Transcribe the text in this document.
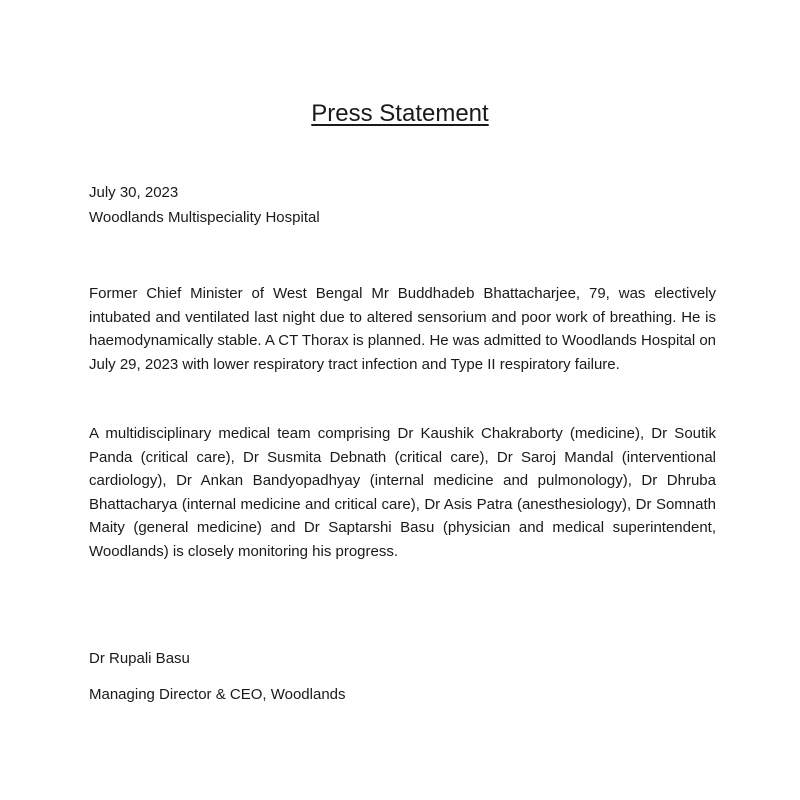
Press Statement
July 30, 2023
Woodlands Multispeciality Hospital

Former Chief Minister of West Bengal Mr Buddhadeb Bhattacharjee, 79, was electively intubated and ventilated last night due to altered sensorium and poor work of breathing. He is haemodynamically stable. A CT Thorax is planned. He was admitted to Woodlands Hospital on July 29, 2023 with lower respiratory tract infection and Type II respiratory failure.

A multidisciplinary medical team comprising Dr Kaushik Chakraborty (medicine), Dr Soutik Panda (critical care), Dr Susmita Debnath (critical care), Dr Saroj Mandal (interventional cardiology), Dr Ankan Bandyopadhyay (internal medicine and pulmonology), Dr Dhruba Bhattacharya (internal medicine and critical care), Dr Asis Patra (anesthesiology), Dr Somnath Maity (general medicine) and Dr Saptarshi Basu (physician and medical superintendent, Woodlands) is closely monitoring his progress.

Dr Rupali Basu
Managing Director & CEO, Woodlands
